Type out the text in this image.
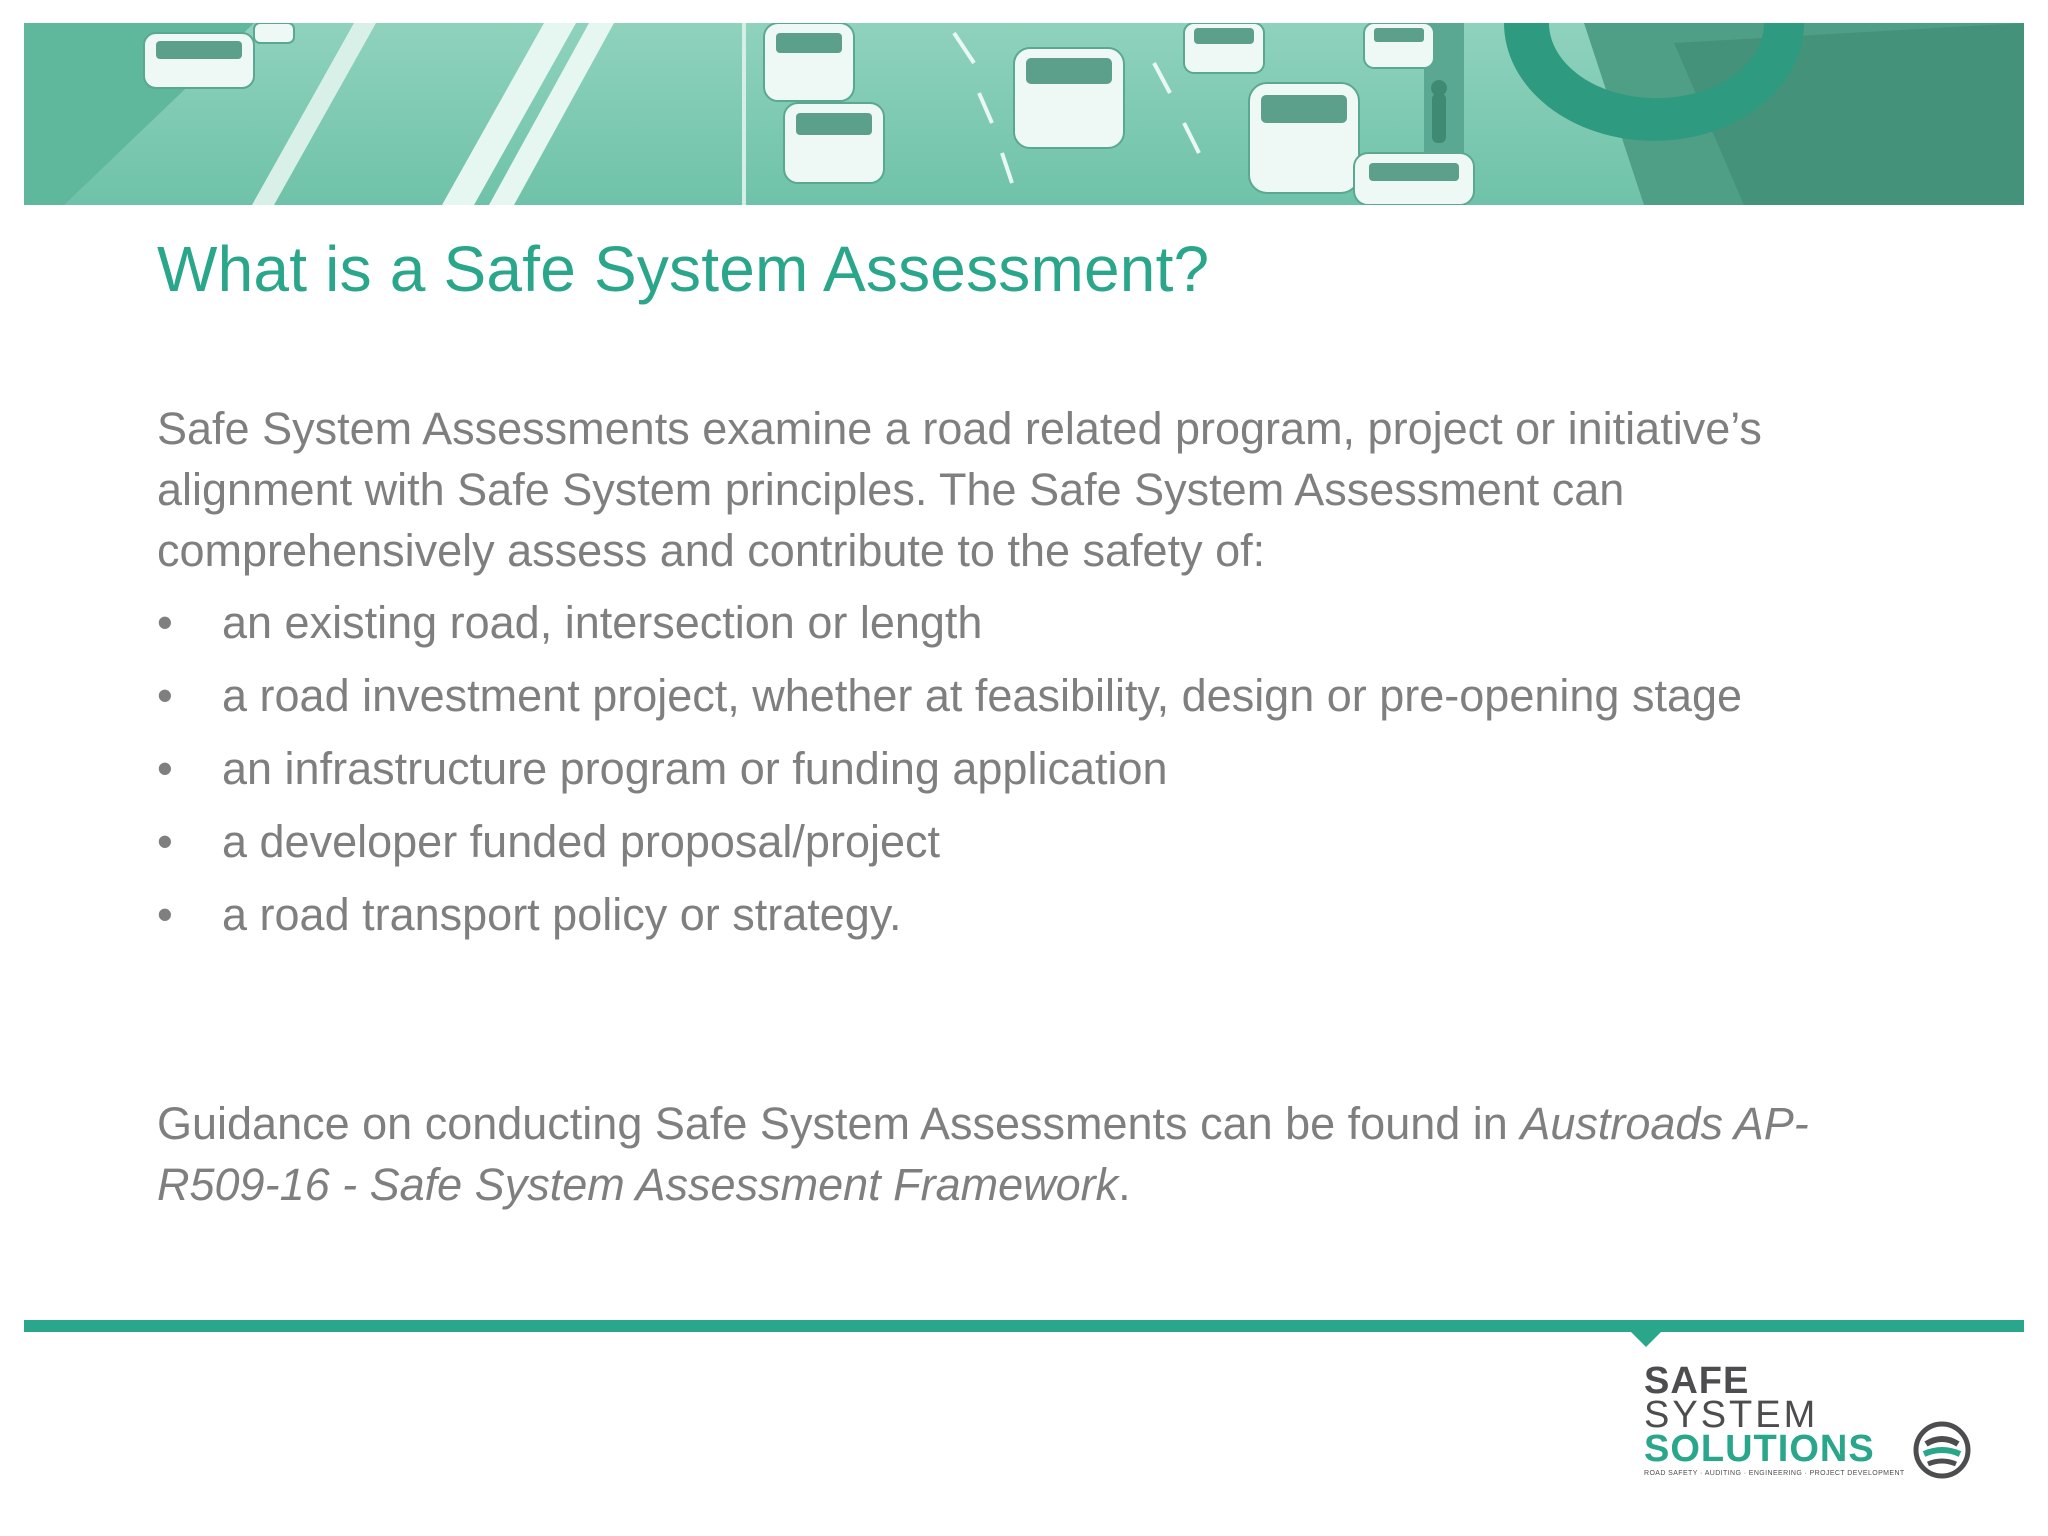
What is a Safe System Assessment?

Safe System Assessments examine a road related program, project or initiative’s alignment with Safe System principles. The Safe System Assessment can comprehensively assess and contribute to the safety of:

• an existing road, intersection or length
• a road investment project, whether at feasibility, design or pre-opening stage
• an infrastructure program or funding application
• a developer funded proposal/project
• a road transport policy or strategy.

Guidance on conducting Safe System Assessments can be found in Austroads AP-R509-16 - Safe System Assessment Framework.

SAFE
SYSTEM
SOLUTIONS
ROAD SAFETY · AUDITING · ENGINEERING · PROJECT DEVELOPMENT
